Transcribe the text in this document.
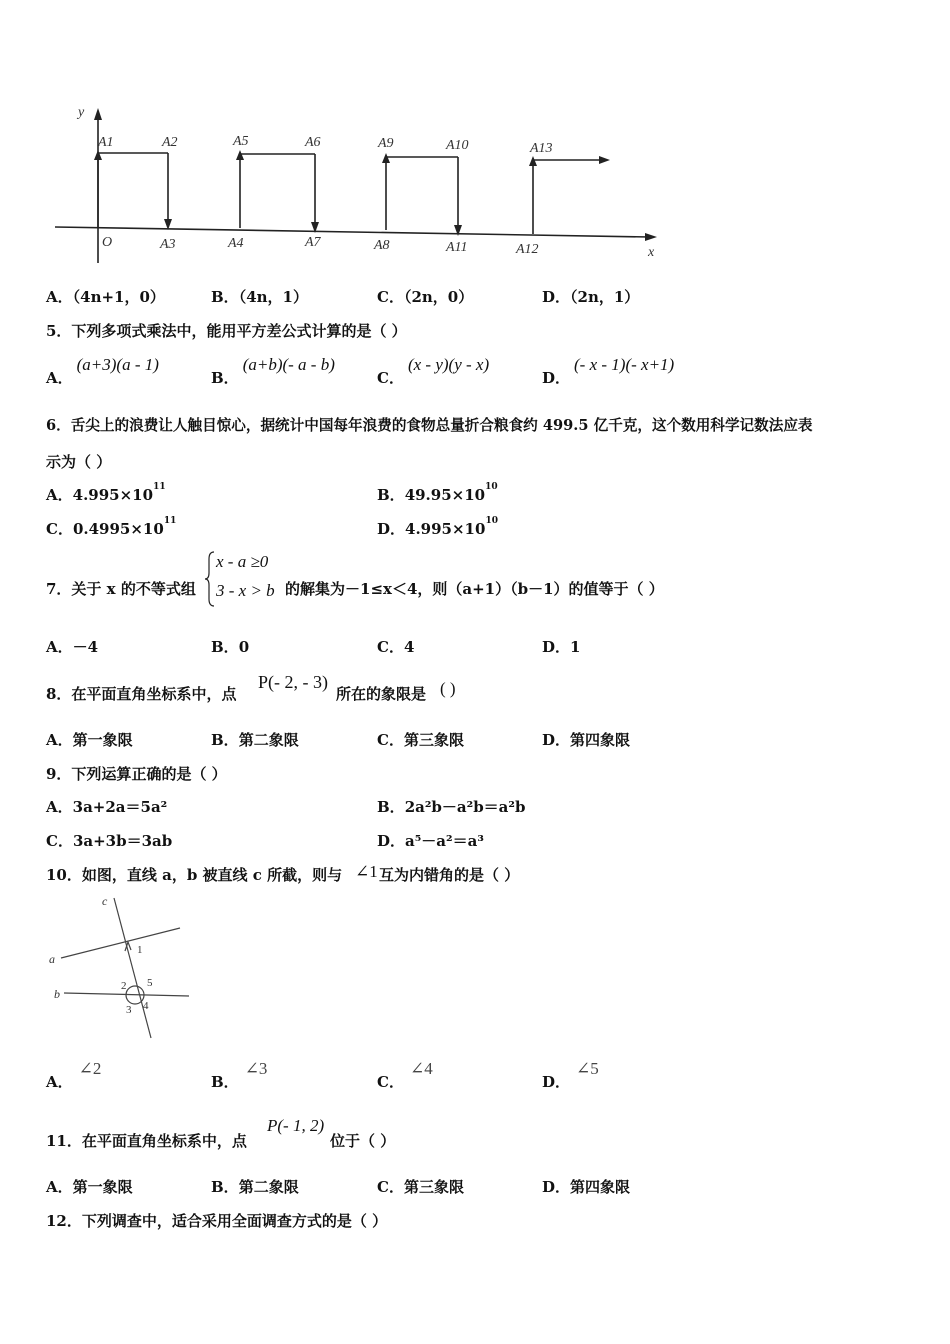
y
x
O
A1	A2
A3	A4
A5	A6
A7	A8
A9	A10
A11	A12
A13
A．（4n+1，0）	B．（4n，1）	C．（2n，0）	D．（2n，1）
5．下列多项式乘法中，能用平方差公式计算的是（ ）
A．(a+3)(a - 1)
B．(a+b)(- a - b)
C．(x - y)(y - x)
D．(- x - 1)(- x+1)
6．舌尖上的浪费让人触目惊心，据统计中国每年浪费的食物总量折合粮食约 499.5 亿千克，这个数用科学记数法应表
示为（ ）
A．$4.995\times 10^{11}$	B．$49.95\times 10^{10}$
C．$0.4995\times 10^{11}$	D．$4.995\times 10^{10}$
7．关于 x 的不等式组
x - a ≥0
3 - x > b 的解集为－1≤x＜4，则（a+1）（b－1）的值等于（ ）
A．－4	B．0	C．4	D．1
8．在平面直角坐标系中，点
P(- 2, - 3)
所在的象限是 ( )
A．第一象限	B．第二象限	C．第三象限	D．第四象限
9．下列运算正确的是（ ）
A．3a+2a＝5a²	B．2a²b－a²b＝a²b
C．3a+3b＝3ab	D．a⁵－a²＝a³
10．如图，直线 a，b 被直线 c 所截，则与 ∠1 互为内错角的是（ ）
c
a
b
1
2
3 4
5
A．∠2
B．∠3
C．∠4
D．∠5
11．在平面直角坐标系中，点
P(- 1, 2)
位于（ ）
A．第一象限	B．第二象限	C．第三象限	D．第四象限
12．下列调查中，适合采用全面调查方式的是（ ）
